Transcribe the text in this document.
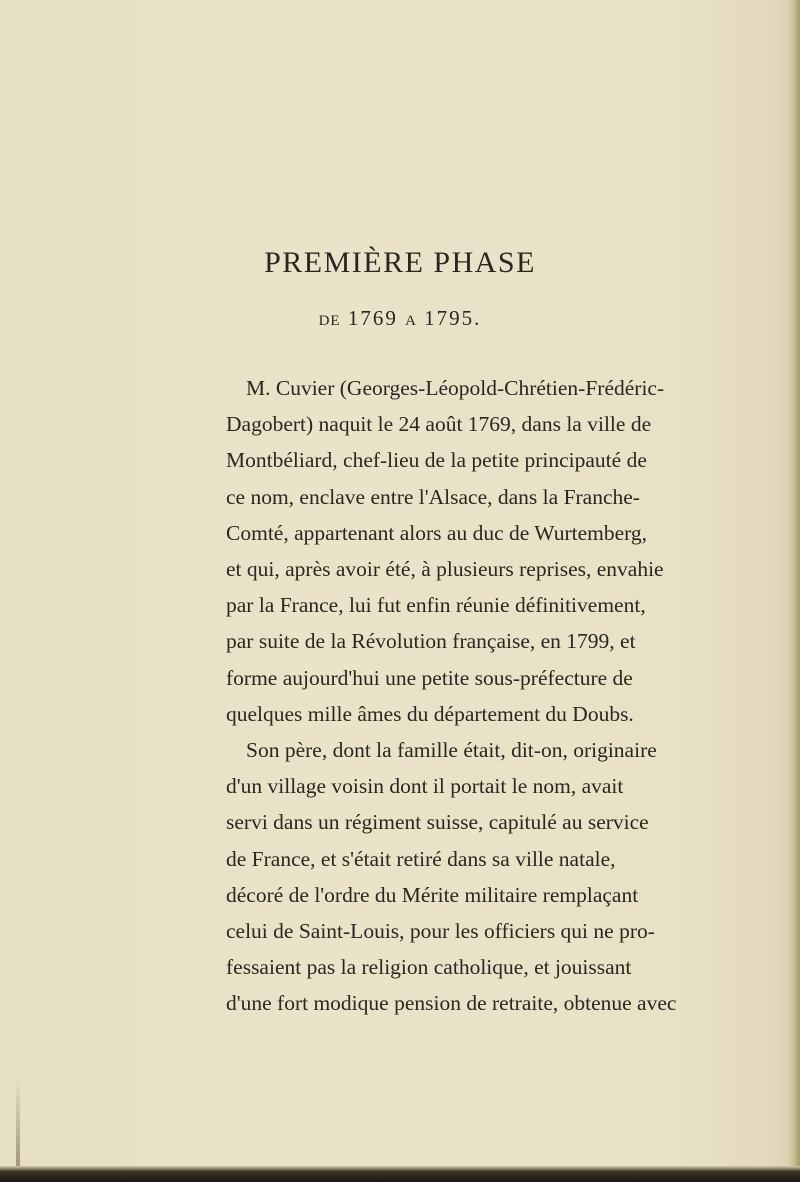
PREMIÈRE PHASE

DE 1769 A 1795.

M. Cuvier (Georges-Léopold-Chrétien-Frédéric-
Dagobert) naquit le 24 août 1769, dans la ville de
Montbéliard, chef-lieu de la petite principauté de
ce nom, enclave entre l'Alsace, dans la Franche-
Comté, appartenant alors au duc de Wurtemberg,
et qui, après avoir été, à plusieurs reprises, envahie
par la France, lui fut enfin réunie définitivement,
par suite de la Révolution française, en 1799, et
forme aujourd'hui une petite sous-préfecture de
quelques mille âmes du département du Doubs.
Son père, dont la famille était, dit-on, originaire
d'un village voisin dont il portait le nom, avait
servi dans un régiment suisse, capitulé au service
de France, et s'était retiré dans sa ville natale,
décoré de l'ordre du Mérite militaire remplaçant
celui de Saint-Louis, pour les officiers qui ne pro-
fessaient pas la religion catholique, et jouissant
d'une fort modique pension de retraite, obtenue avec
